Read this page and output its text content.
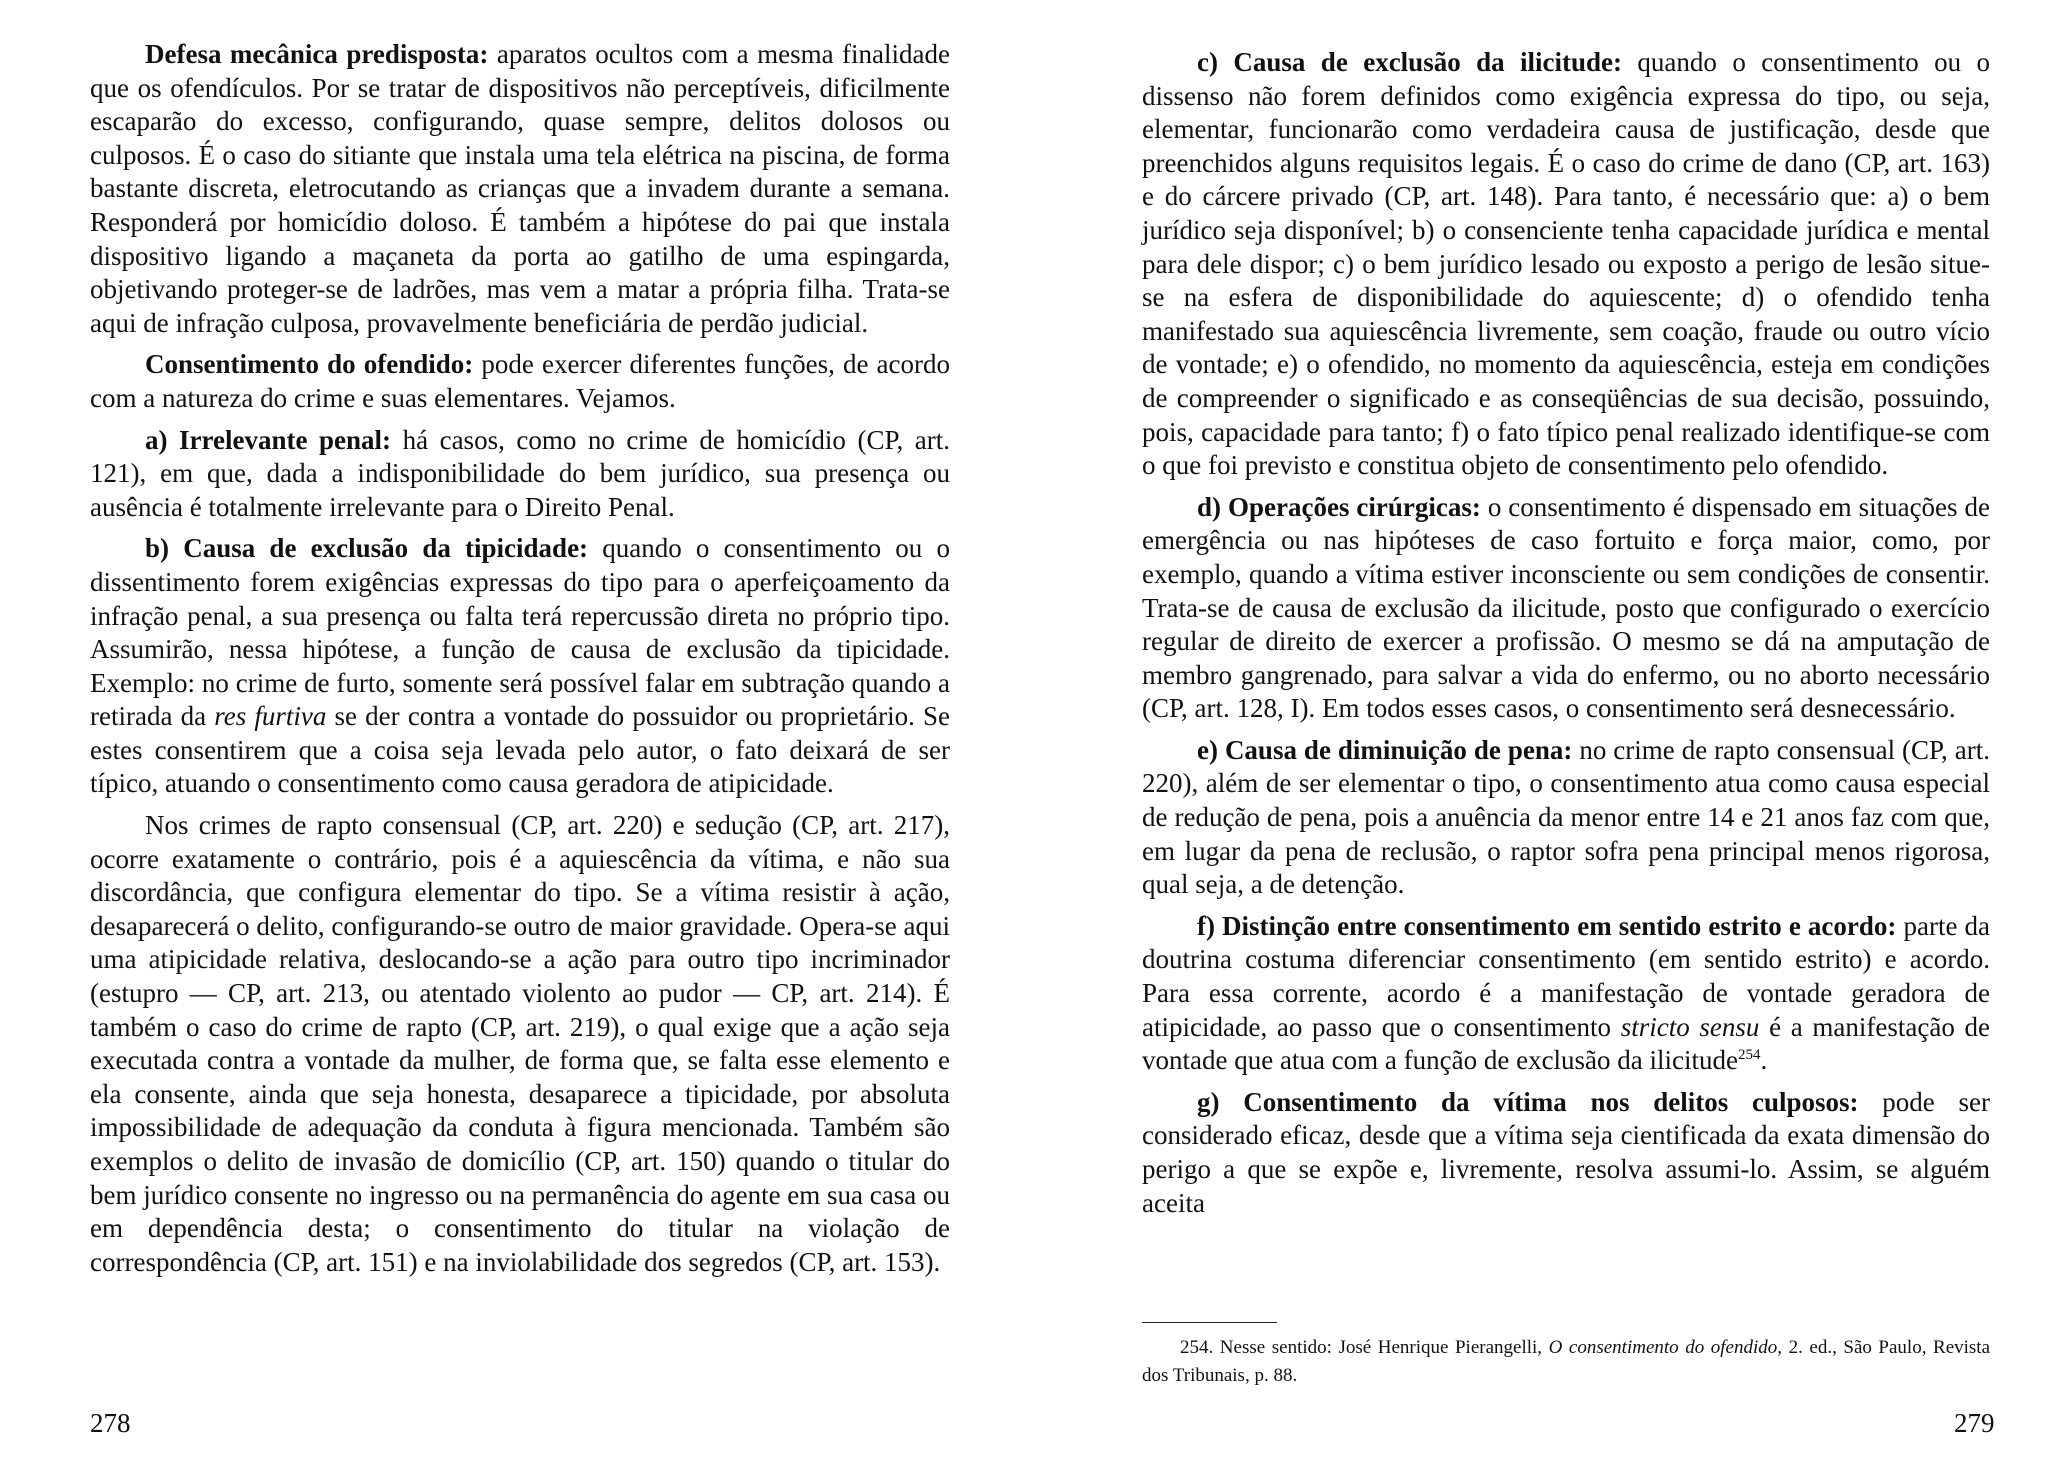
Defesa mecânica predisposta: aparatos ocultos com a mesma finalidade que os ofendículos. Por se tratar de dispositivos não perceptíveis, dificilmente escaparão do excesso, configurando, quase sempre, delitos dolosos ou culposos. É o caso do sitiante que instala uma tela elétrica na piscina, de forma bastante discreta, eletrocutando as crianças que a invadem durante a semana. Responderá por homicídio doloso. É também a hipótese do pai que instala dispositivo ligando a maçaneta da porta ao gatilho de uma espingarda, objetivando proteger-se de ladrões, mas vem a matar a própria filha. Trata-se aqui de infração culposa, provavelmente beneficiária de perdão judicial.

Consentimento do ofendido: pode exercer diferentes funções, de acordo com a natureza do crime e suas elementares. Vejamos.

a) Irrelevante penal: há casos, como no crime de homicídio (CP, art. 121), em que, dada a indisponibilidade do bem jurídico, sua presença ou ausência é totalmente irrelevante para o Direito Penal.

b) Causa de exclusão da tipicidade: quando o consentimento ou o dissentimento forem exigências expressas do tipo para o aperfeiçoamento da infração penal, a sua presença ou falta terá repercussão direta no próprio tipo. Assumirão, nessa hipótese, a função de causa de exclusão da tipicidade. Exemplo: no crime de furto, somente será possível falar em subtração quando a retirada da res furtiva se der contra a vontade do possuidor ou proprietário. Se estes consentirem que a coisa seja levada pelo autor, o fato deixará de ser típico, atuando o consentimento como causa geradora de atipicidade.

Nos crimes de rapto consensual (CP, art. 220) e sedução (CP, art. 217), ocorre exatamente o contrário, pois é a aquiescência da vítima, e não sua discordância, que configura elementar do tipo. Se a vítima resistir à ação, desaparecerá o delito, configurando-se outro de maior gravidade. Opera-se aqui uma atipicidade relativa, deslocando-se a ação para outro tipo incriminador (estupro — CP, art. 213, ou atentado violento ao pudor — CP, art. 214). É também o caso do crime de rapto (CP, art. 219), o qual exige que a ação seja executada contra a vontade da mulher, de forma que, se falta esse elemento e ela consente, ainda que seja honesta, desaparece a tipicidade, por absoluta impossibilidade de adequação da conduta à figura mencionada. Também são exemplos o delito de invasão de domicílio (CP, art. 150) quando o titular do bem jurídico consente no ingresso ou na permanência do agente em sua casa ou em dependência desta; o consentimento do titular na violação de correspondência (CP, art. 151) e na inviolabilidade dos segredos (CP, art. 153).

278

c) Causa de exclusão da ilicitude: quando o consentimento ou o dissenso não forem definidos como exigência expressa do tipo, ou seja, elementar, funcionarão como verdadeira causa de justificação, desde que preenchidos alguns requisitos legais. É o caso do crime de dano (CP, art. 163) e do cárcere privado (CP, art. 148). Para tanto, é necessário que: a) o bem jurídico seja disponível; b) o consenciente tenha capacidade jurídica e mental para dele dispor; c) o bem jurídico lesado ou exposto a perigo de lesão situe-se na esfera de disponibilidade do aquiescente; d) o ofendido tenha manifestado sua aquiescência livremente, sem coação, fraude ou outro vício de vontade; e) o ofendido, no momento da aquiescência, esteja em condições de compreender o significado e as conseqüências de sua decisão, possuindo, pois, capacidade para tanto; f) o fato típico penal realizado identifique-se com o que foi previsto e constitua objeto de consentimento pelo ofendido.

d) Operações cirúrgicas: o consentimento é dispensado em situações de emergência ou nas hipóteses de caso fortuito e força maior, como, por exemplo, quando a vítima estiver inconsciente ou sem condições de consentir. Trata-se de causa de exclusão da ilicitude, posto que configurado o exercício regular de direito de exercer a profissão. O mesmo se dá na amputação de membro gangrenado, para salvar a vida do enfermo, ou no aborto necessário (CP, art. 128, I). Em todos esses casos, o consentimento será desnecessário.

e) Causa de diminuição de pena: no crime de rapto consensual (CP, art. 220), além de ser elementar o tipo, o consentimento atua como causa especial de redução de pena, pois a anuência da menor entre 14 e 21 anos faz com que, em lugar da pena de reclusão, o raptor sofra pena principal menos rigorosa, qual seja, a de detenção.

f) Distinção entre consentimento em sentido estrito e acordo: parte da doutrina costuma diferenciar consentimento (em sentido estrito) e acordo. Para essa corrente, acordo é a manifestação de vontade geradora de atipicidade, ao passo que o consentimento stricto sensu é a manifestação de vontade que atua com a função de exclusão da ilicitude$^{254}$.

g) Consentimento da vítima nos delitos culposos: pode ser considerado eficaz, desde que a vítima seja cientificada da exata dimensão do perigo a que se expõe e, livremente, resolva assumi-lo. Assim, se alguém aceita

254. Nesse sentido: José Henrique Pierangelli, O consentimento do ofendido, 2. ed., São Paulo, Revista dos Tribunais, p. 88.
279
